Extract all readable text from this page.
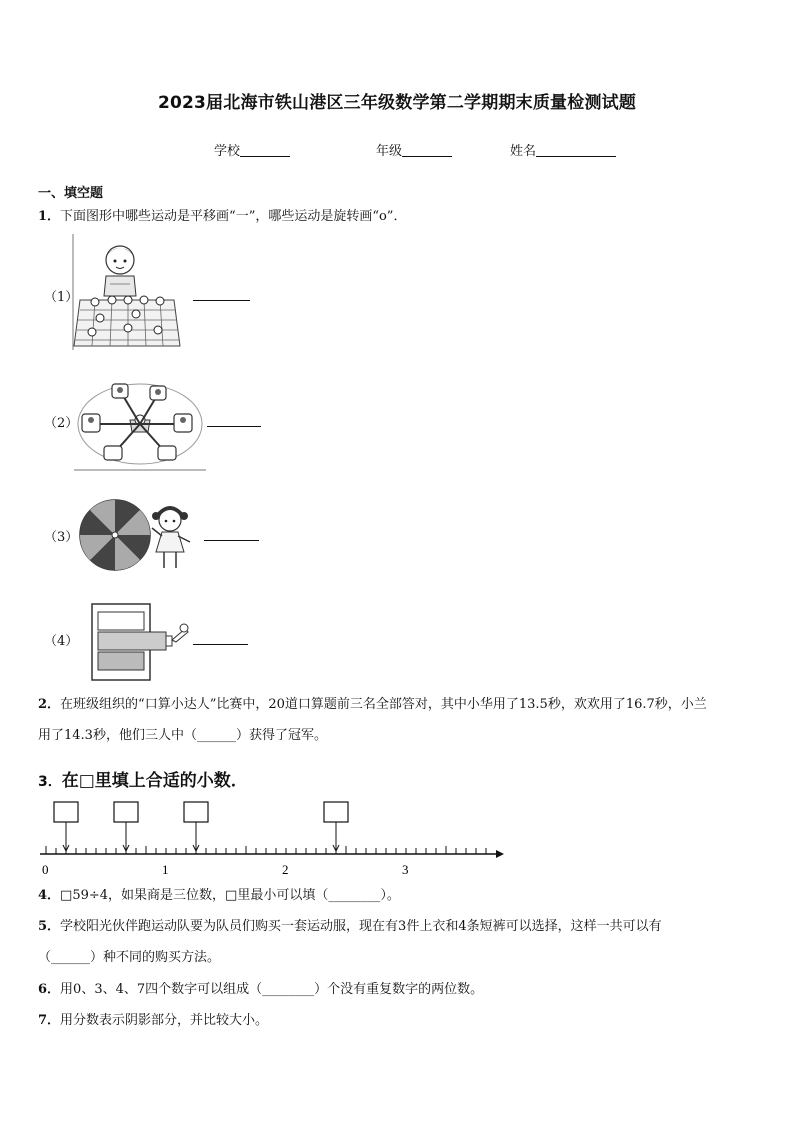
2023届北海市铁山港区三年级数学第二学期期末质量检测试题
学校	年级	姓名
一、填空题
1．下面图形中哪些运动是平移画“一”，哪些运动是旋转画“o”．
（1）
（2）
（3）
（4）
2．在班级组织的“口算小达人”比赛中，20道口算题前三名全部答对，其中小华用了13.5秒，欢欢用了16.7秒，小兰
用了14.3秒，他们三人中（______）获得了冠军。
3．在□里填上合适的小数．
0	1	2	3
4．□59÷4，如果商是三位数，□里最小可以填（________）。
5．学校阳光伙伴跑运动队要为队员们购买一套运动服，现在有3件上衣和4条短裤可以选择，这样一共可以有
（______）种不同的购买方法。
6．用0、3、4、7四个数字可以组成（________）个没有重复数字的两位数。
7．用分数表示阴影部分，并比较大小。
